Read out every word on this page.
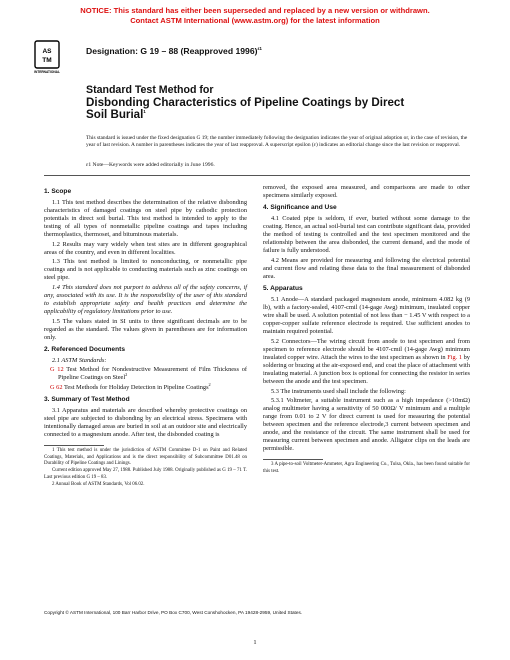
NOTICE: This standard has either been superseded and replaced by a new version or withdrawn.
Contact ASTM International (www.astm.org) for the latest information
AS
TM
INTERNATIONAL
Designation: G 19 – 88 (Reapproved 1996)$^{\varepsilon 1}$
Standard Test Method for
Disbonding Characteristics of Pipeline Coatings by Direct
Soil Burial$^1$
This standard is issued under the fixed designation G 19; the number immediately following the designation indicates the year of original adoption or, in the case of revision, the year of last revision. A number in parentheses indicates the year of last reapproval. A superscript epsilon (ε) indicates an editorial change since the last revision or reapproval.
ε1 Note—Keywords were added editorially in June 1996.
1. Scope

1.1 This test method describes the determination of the relative disbonding characteristics of damaged coatings on steel pipe by cathodic protection potentials in direct soil burial. This test method is intended to apply to the testing of all types of nonmetallic pipeline coatings and tapes including thermoplastics, thermoset, and bituminous materials.

1.2 Results may vary widely when test sites are in different geographical areas of the country, and even in different localities.

1.3 This test method is limited to nonconducting, or nonmetallic pipe coatings and is not applicable to conducting materials such as zinc coatings on steel pipe.

1.4 This standard does not purport to address all of the safety concerns, if any, associated with its use. It is the responsibility of the user of this standard to establish appropriate safety and health practices and determine the applicability of regulatory limitations prior to use.

1.5 The values stated in SI units to three significant decimals are to be regarded as the standard. The values given in parentheses are for information only.

2. Referenced Documents

2.1 ASTM Standards:

G 12 Test Method for Nondestructive Measurement of Film Thickness of Pipeline Coatings on Steel$^2$
G 62 Test Methods for Holiday Detection in Pipeline Coatings$^2$
3. Summary of Test Method

3.1 Apparatus and materials are described whereby protective coatings on steel pipe are subjected to disbonding by an electrical stress. Specimens with intentionally damaged areas are buried in soil at an outdoor site and electrically connected to a magnesium anode. After test, the disbonded coating is

1 This test method is under the jurisdiction of ASTM Committee D-1 on Paint and Related Coatings, Materials, and Applications and is the direct responsibility of Subcommittee D01.48 on Durability of Pipeline Coatings and Linings.

Current edition approved May 27, 1988. Published July 1988. Originally published as G 19 – 71 T. Last previous edition G 19 – 83.

2 Annual Book of ASTM Standards, Vol 06.02.

removed, the exposed area measured, and comparisons are made to other specimens similarly exposed.

4. Significance and Use

4.1 Coated pipe is seldom, if ever, buried without some damage to the coating. Hence, an actual soil-burial test can contribute significant data, provided the method of testing is controlled and the test specimen monitored and the relationship between the area disbonded, the current demand, and the mode of failure is fully understood.

4.2 Means are provided for measuring and following the electrical potential and current flow and relating these data to the final measurement of disbonded area.

5. Apparatus

5.1 Anode—A standard packaged magnesium anode, minimum 4.082 kg (9 lb), with a factory-sealed, 4107-cmil (14-gage Awg) minimum, insulated copper wire shall be used. A solution potential of not less than − 1.45 V with respect to a copper-copper sulfate reference electrode is required. Use sufficient anodes to maintain required potential.

5.2 Connectors—The wiring circuit from anode to test specimen and from specimen to reference electrode should be 4107-cmil (14-gage Awg) minimum insulated copper wire. Attach the wires to the test specimen as shown in Fig. 1 by soldering or brazing at the air-exposed end, and coat the place of attachment with insulating material. A junction box is optional for connecting the resistor in series between the anode and the test specimen.

5.3 The instruments used shall include the following:

5.3.1 Voltmeter, a suitable instrument such as a high impedance (>10mΩ) analog multimeter having a sensitivity of 50 000Ω/ V minimum and a multiple range from 0.01 to 2 V for direct current is used for measuring the potential between specimen and the reference electrode,3 current between specimen and anode, and the resistance of the circuit. The same instrument shall be used for measuring current between specimen and anode. Alligator clips on the leads are permissible.

3 A pipe-to-soil Voltmeter-Ammeter, Agra Engineering Co., Tulsa, Okla., has been found suitable for this test.

Copyright © ASTM International, 100 Barr Harbor Drive, PO Box C700, West Conshohocken, PA 19428-2959, United States.
1
